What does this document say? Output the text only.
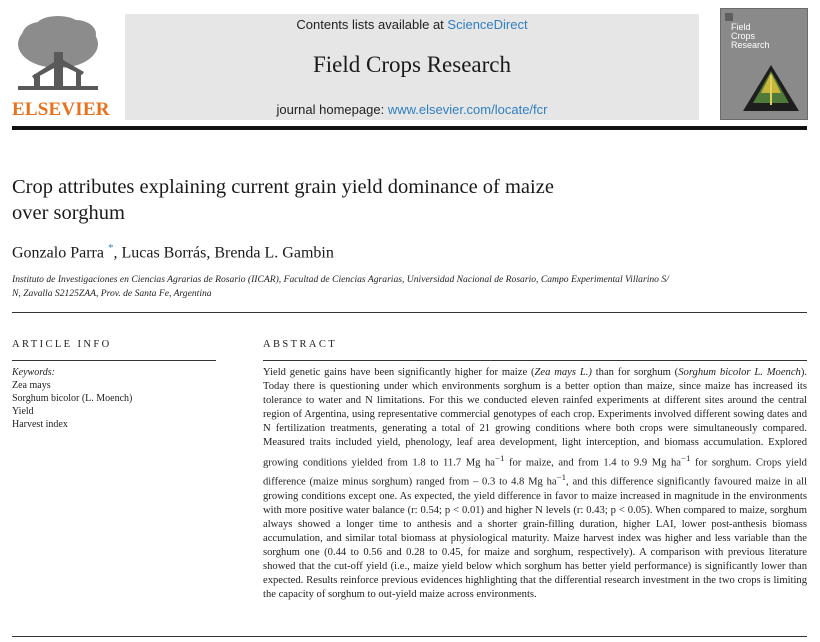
ELSEVIER
Contents lists available at ScienceDirect
Field Crops Research
journal homepage: www.elsevier.com/locate/fcr
Field
Crops
Research
Crop attributes explaining current grain yield dominance of maize
over sorghum
Gonzalo Parra *, Lucas Borrás, Brenda L. Gambin
Instituto de Investigaciones en Ciencias Agrarias de Rosario (IICAR), Facultad de Ciencias Agrarias, Universidad Nacional de Rosario, Campo Experimental Villarino S/
N, Zavalla S2125ZAA, Prov. de Santa Fe, Argentina
ARTICLE INFO
Keywords:
Zea mays
Sorghum bicolor (L. Moench)
Yield
Harvest index
ABSTRACT
Yield genetic gains have been significantly higher for maize (Zea mays L.) than for sorghum (Sorghum bicolor L. Moench). Today there is questioning under which environments sorghum is a better option than maize, since maize has increased its tolerance to water and N limitations. For this we conducted eleven rainfed experiments at different sites around the central region of Argentina, using representative commercial genotypes of each crop. Experiments involved different sowing dates and N fertilization treatments, generating a total of 21 growing conditions where both crops were simultaneously compared. Measured traits included yield, phenology, leaf area development, light interception, and biomass accumulation. Explored growing conditions yielded from 1.8 to 11.7 Mg $ha^{-1}$ for maize, and from 1.4 to 9.9 Mg $ha^{-1}$ for sorghum. Crops yield difference (maize minus sorghum) ranged from – 0.3 to 4.8 Mg $ha^{-1}$, and this difference significantly favoured maize in all growing conditions except one. As expected, the yield difference in favor to maize increased in magnitude in the environments with more positive water balance (r: 0.54; p < 0.01) and higher N levels (r: 0.43; p < 0.05). When compared to maize, sorghum always showed a longer time to anthesis and a shorter grain-filling duration, higher LAI, lower post-anthesis biomass accumulation, and similar total biomass at physiological maturity. Maize harvest index was higher and less variable than the sorghum one (0.44 to 0.56 and 0.28 to 0.45, for maize and sorghum, respectively). A comparison with previous literature showed that the cut-off yield (i.e., maize yield below which sorghum has better yield performance) is significantly lower than expected. Results reinforce previous evidences highlighting that the differential research investment in the two crops is limiting the capacity of sorghum to out-yield maize across environments.
